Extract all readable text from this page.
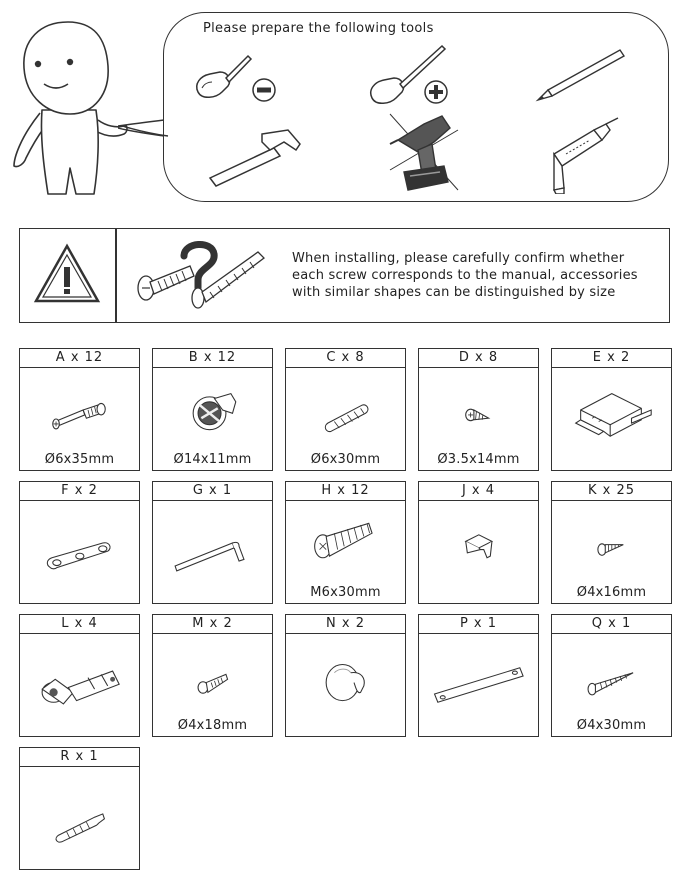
Please prepare the following tools
When installing, please carefully confirm whether
each screw corresponds to the manual, accessories
with similar shapes can be distinguished by size
A x 12
Ø6x35mm
B x 12
Ø14x11mm
C x 8
Ø6x30mm
D x 8
Ø3.5x14mm
E x 2
F x 2	G x 1	H x 12
M6x30mm
J x 4	K x 25
Ø4x16mm
L x 4	M x 2
Ø4x18mm
N x 2	P x 1	Q x 1
Ø4x30mm
R x 1
